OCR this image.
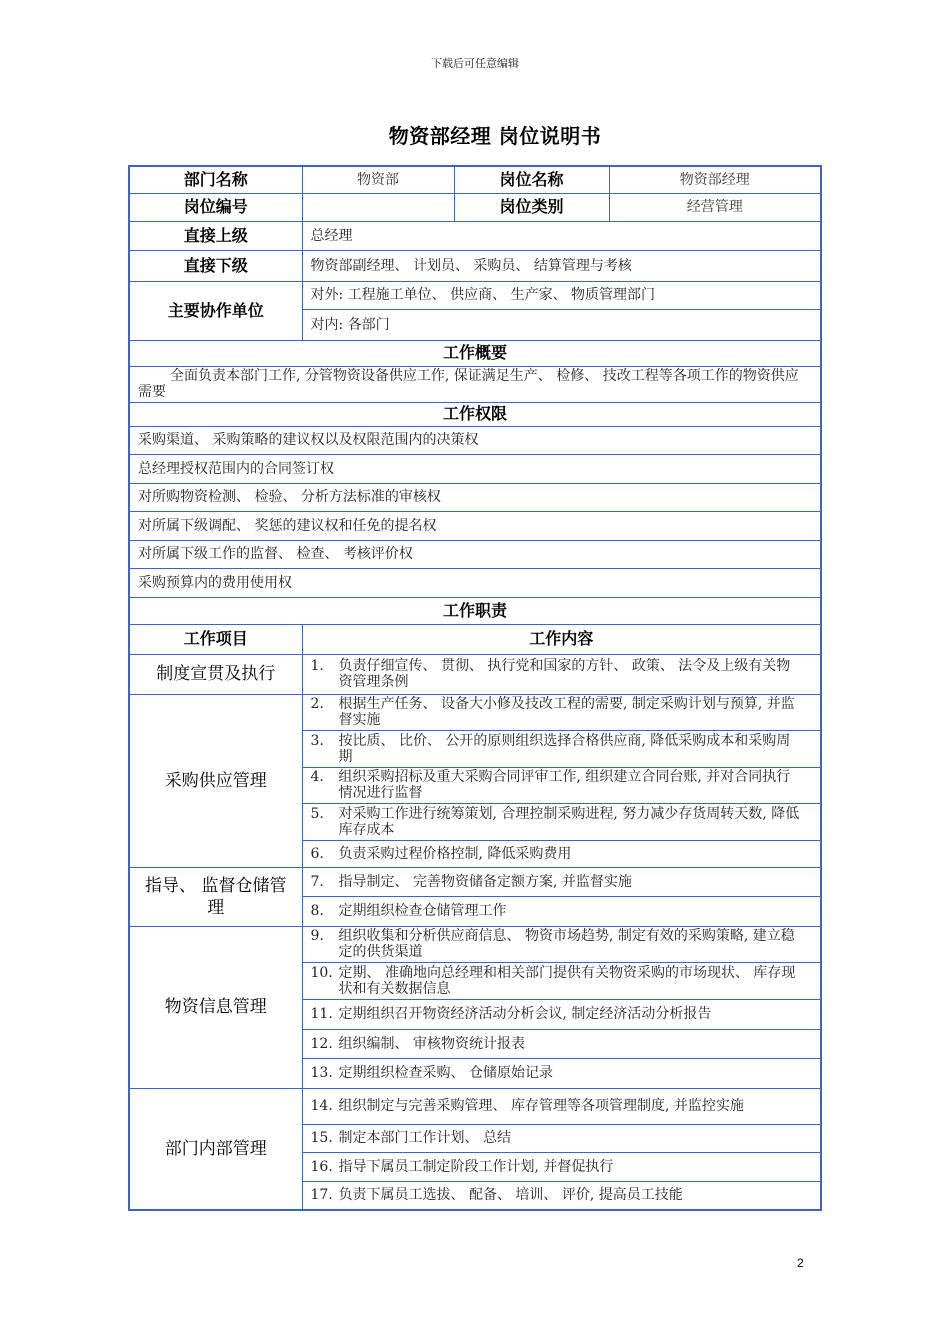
下载后可任意编辑
物资部经理 岗位说明书
部门名称	物资部	岗位名称	物资部经理
岗位编号		岗位类别	经营管理
直接上级	总经理		
直接下级	物资部副经理、 计划员、 采购员、 结算管理与考核		
主要协作单位	对外: 工程施工单位、 供应商、 生产家、 物质管理部门		
	对内: 各部门		
工作概要			
全面负责本部门工作, 分管物资设备供应工作, 保证满足生产、 检修、 技改工程等各项工作的物资供应需要			
工作权限			
采购渠道、 采购策略的建议权以及权限范围内的决策权			
总经理授权范围内的合同签订权			
对所购物资检测、 检验、 分析方法标准的审核权			
对所属下级调配、 奖惩的建议权和任免的提名权			
对所属下级工作的监督、 检查、 考核评价权			
采购预算内的费用使用权			
工作职责			
工作项目	工作内容		
制度宣贯及执行	1. 负责仔细宣传、 贯彻、 执行党和国家的方针、 政策、 法令及上级有关物资管理条例		
采购供应管理	2. 根据生产任务、 设备大小修及技改工程的需要, 制定采购计划与预算, 并监督实施		
	3. 按比质、 比价、 公开的原则组织选择合格供应商, 降低采购成本和采购周期		
	4. 组织采购招标及重大采购合同评审工作, 组织建立合同台账, 并对合同执行情况进行监督		
	5. 对采购工作进行统筹策划, 合理控制采购进程, 努力减少存货周转天数, 降低库存成本		
	6. 负责采购过程价格控制, 降低采购费用		
指导、 监督仓储管理	7. 指导制定、 完善物资储备定额方案, 并监督实施		
	8. 定期组织检查仓储管理工作		
物资信息管理	9. 组织收集和分析供应商信息、 物资市场趋势, 制定有效的采购策略, 建立稳定的供货渠道		
	10. 定期、 准确地向总经理和相关部门提供有关物资采购的市场现状、 库存现状和有关数据信息		
	11. 定期组织召开物资经济活动分析会议, 制定经济活动分析报告		
	12. 组织编制、 审核物资统计报表		
	13. 定期组织检查采购、 仓储原始记录		
部门内部管理	14. 组织制定与完善采购管理、 库存管理等各项管理制度, 并监控实施		
	15. 制定本部门工作计划、 总结		
	16. 指导下属员工制定阶段工作计划, 并督促执行		
	17. 负责下属员工选拔、 配备、 培训、 评价, 提高员工技能		
2
